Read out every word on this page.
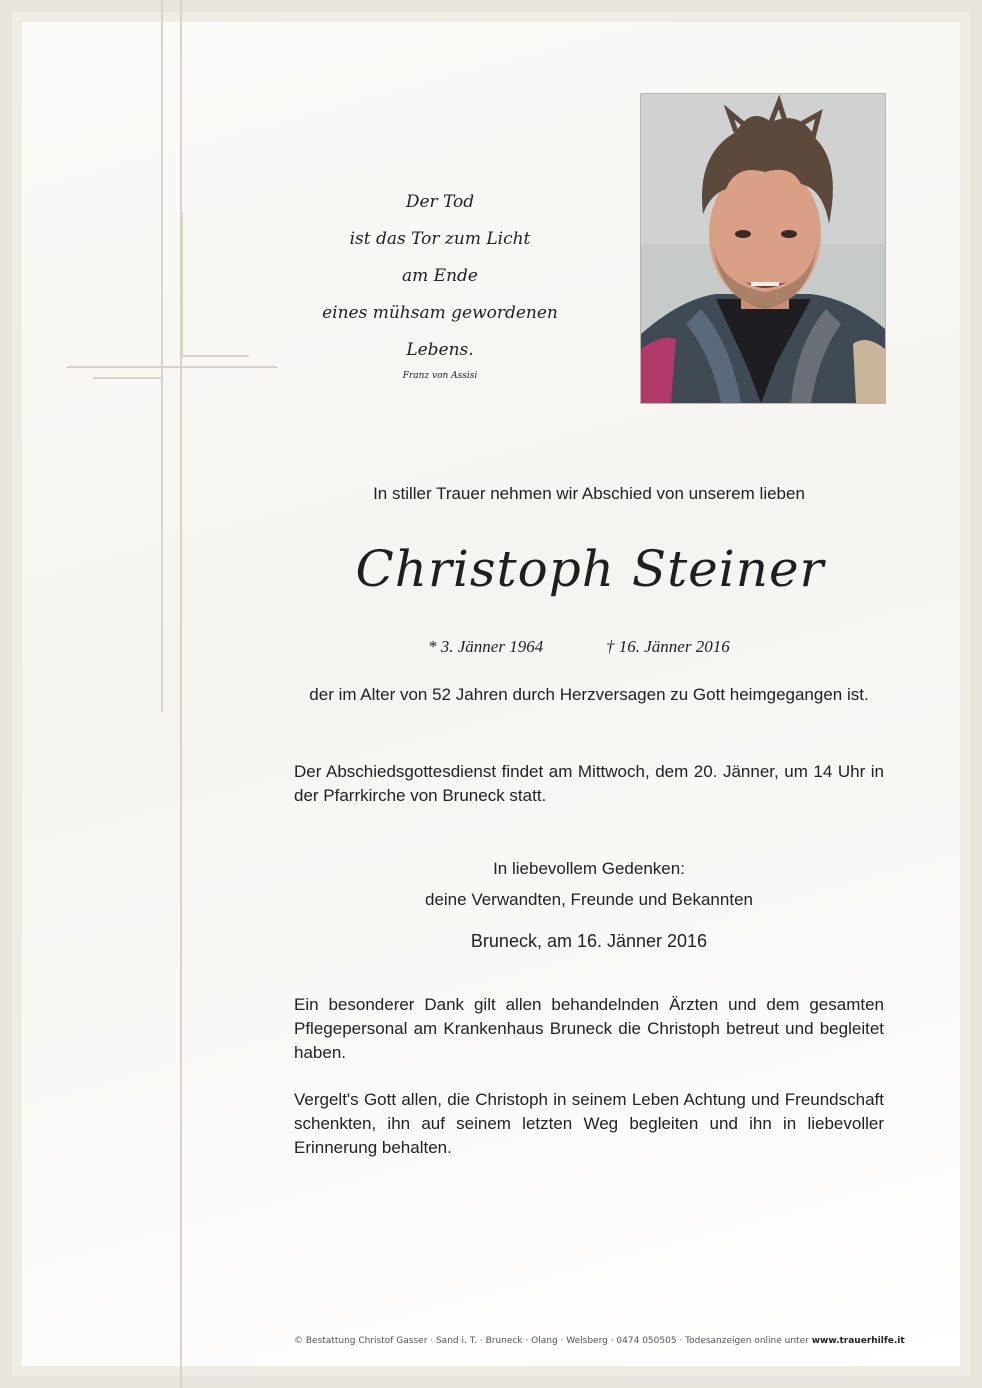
Der Tod
ist das Tor zum Licht
am Ende
eines mühsam gewordenen Lebens.
Franz von Assisi
In stiller Trauer nehmen wir Abschied von unserem lieben
Christoph Steiner
* 3. Jänner 1964	† 16. Jänner 2016
der im Alter von 52 Jahren durch Herzversagen zu Gott heimgegangen ist.
Der Abschiedsgottesdienst findet am Mittwoch, dem 20. Jänner, um 14 Uhr in der Pfarrkirche von Bruneck statt.
In liebevollem Gedenken:
deine Verwandten, Freunde und Bekannten
Bruneck, am 16. Jänner 2016
Ein besonderer Dank gilt allen behandelnden Ärzten und dem gesamten Pflegepersonal am Krankenhaus Bruneck die Christoph betreut und begleitet haben.
Vergelt's Gott allen, die Christoph in seinem Leben Achtung und Freundschaft schenkten, ihn auf seinem letzten Weg begleiten und ihn in liebevoller Erinnerung behalten.
© Bestattung Christof Gasser · Sand i. T. · Bruneck · Olang · Welsberg · 0474 050505 · Todesanzeigen online unter www.trauerhilfe.it
